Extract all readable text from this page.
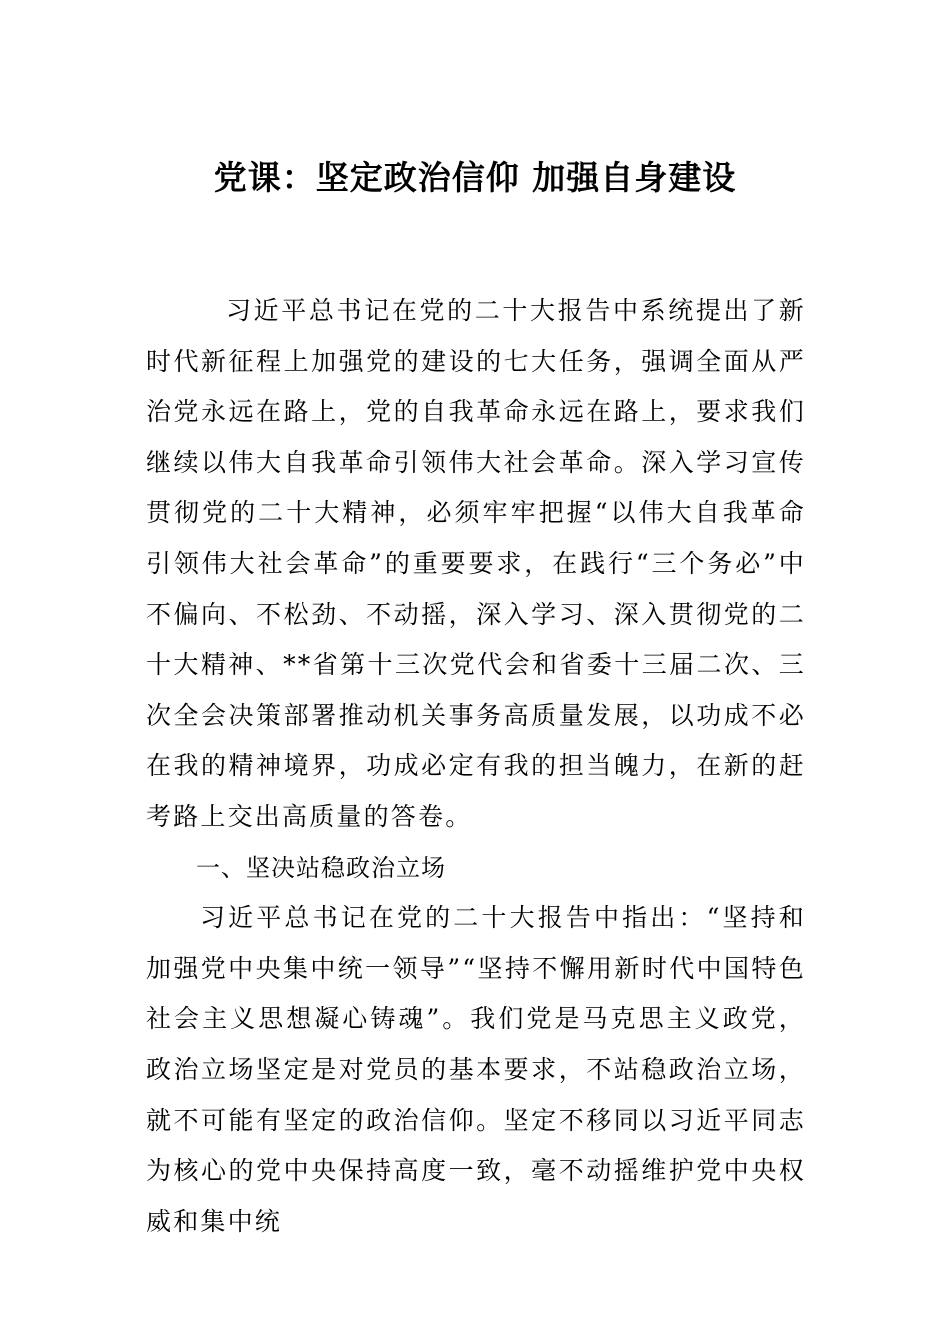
党课：坚定政治信仰 加强自身建设

习近平总书记在党的二十大报告中系统提出了新时代新征程上加强党的建设的七大任务，强调全面从严治党永远在路上，党的自我革命永远在路上，要求我们继续以伟大自我革命引领伟大社会革命。深入学习宣传贯彻党的二十大精神，必须牢牢把握“以伟大自我革命引领伟大社会革命”的重要要求，在践行“三个务必”中不偏向、不松劲、不动摇，深入学习、深入贯彻党的二十大精神、**省第十三次党代会和省委十三届二次、三次全会决策部署推动机关事务高质量发展，以功成不必在我的精神境界，功成必定有我的担当魄力，在新的赶考路上交出高质量的答卷。

一、坚决站稳政治立场

习近平总书记在党的二十大报告中指出：“坚持和加强党中央集中统一领导”“坚持不懈用新时代中国特色社会主义思想凝心铸魂”。我们党是马克思主义政党，政治立场坚定是对党员的基本要求，不站稳政治立场，就不可能有坚定的政治信仰。坚定不移同以习近平同志为核心的党中央保持高度一致，毫不动摇维护党中央权威和集中统
